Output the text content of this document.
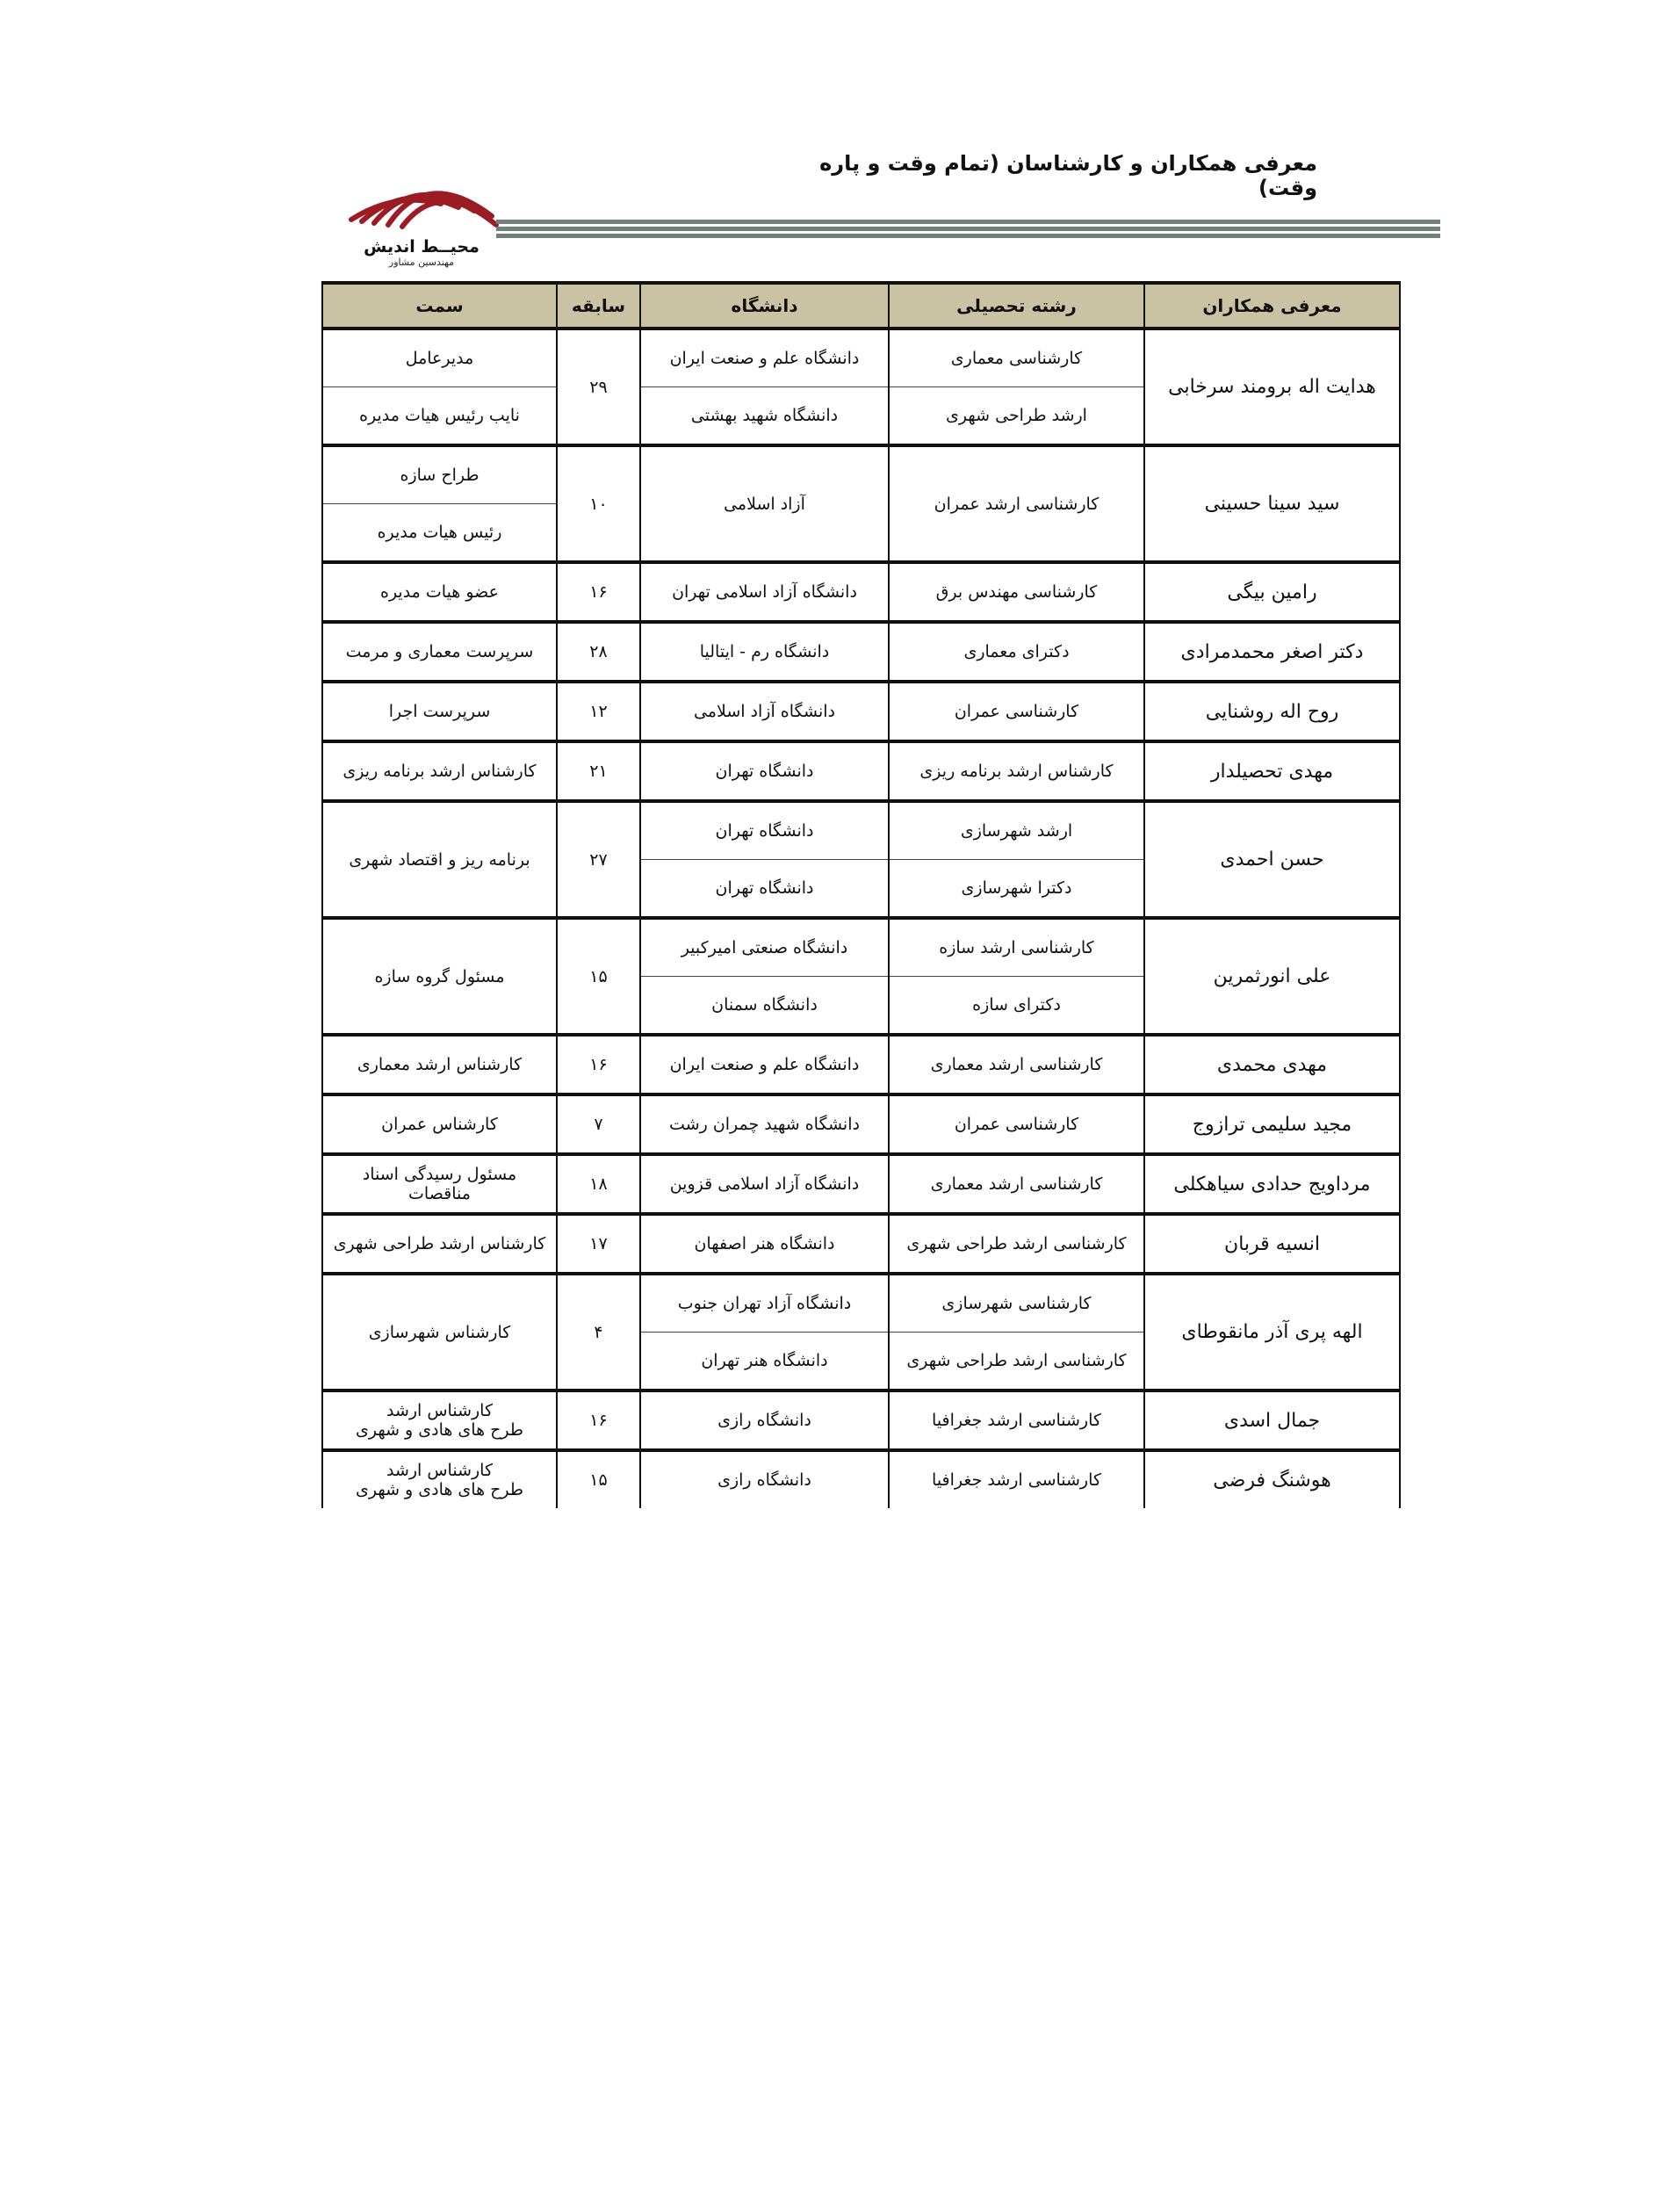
معرفی همکاران و کارشناسان (تمام وقت و پاره وقت)
محیــط اندیش
مهندسین مشاور
معرفی همکاران	رشته تحصیلی	دانشگاه	سابقه	سمت
هدایت اله برومند سرخابی	کارشناسی معماری	دانشگاه علم و صنعت ایران	۲۹	مدیرعامل
	ارشد طراحی شهری	دانشگاه شهید بهشتی		نایب رئیس هیات مدیره
سید سینا حسینی	کارشناسی ارشد عمران	آزاد اسلامی	۱۰	طراح سازه
				رئیس هیات مدیره
رامین بیگی	کارشناسی مهندس برق	دانشگاه آزاد اسلامی تهران	۱۶	عضو هیات مدیره

دکتر اصغر محمدمرادی	دکترای معماری	دانشگاه رم - ایتالیا	۲۸	سرپرست معماری و مرمت

روح اله روشنایی	کارشناسی عمران	دانشگاه آزاد اسلامی	۱۲	سرپرست اجرا

مهدی تحصیلدار	کارشناس ارشد برنامه ریزی	دانشگاه تهران	۲۱	کارشناس ارشد برنامه ریزی

حسن احمدی	ارشد شهرسازی	دانشگاه تهران	۲۷	برنامه ریز و اقتصاد شهری
	دکترا شهرسازی	دانشگاه تهران		
علی انورثمرین	کارشناسی ارشد سازه	دانشگاه صنعتی امیرکبیر	۱۵	مسئول گروه سازه
	دکترای سازه	دانشگاه سمنان		
مهدی محمدی	کارشناسی ارشد معماری	دانشگاه علم و صنعت ایران	۱۶	کارشناس ارشد معماری

مجید سلیمی ترازوج	کارشناسی عمران	دانشگاه شهید چمران رشت	۷	کارشناس عمران

مرداویج حدادی سیاهکلی	کارشناسی ارشد معماری	دانشگاه آزاد اسلامی قزوین	۱۸	مسئول رسیدگی اسناد
مناقصات

انسیه قربان	کارشناسی ارشد طراحی شهری	دانشگاه هنر اصفهان	۱۷	کارشناس ارشد طراحی شهری

الهه پری آذر مانقوطای	کارشناسی شهرسازی	دانشگاه آزاد تهران جنوب	۴	کارشناس شهرسازی
	کارشناسی ارشد طراحی شهری	دانشگاه هنر تهران		
جمال اسدی	کارشناسی ارشد جغرافیا	دانشگاه رازی	۱۶	کارشناس ارشد
طرح های هادی و شهری

هوشنگ فرضی	کارشناسی ارشد جغرافیا	دانشگاه رازی	۱۵	کارشناس ارشد
طرح های هادی و شهری
